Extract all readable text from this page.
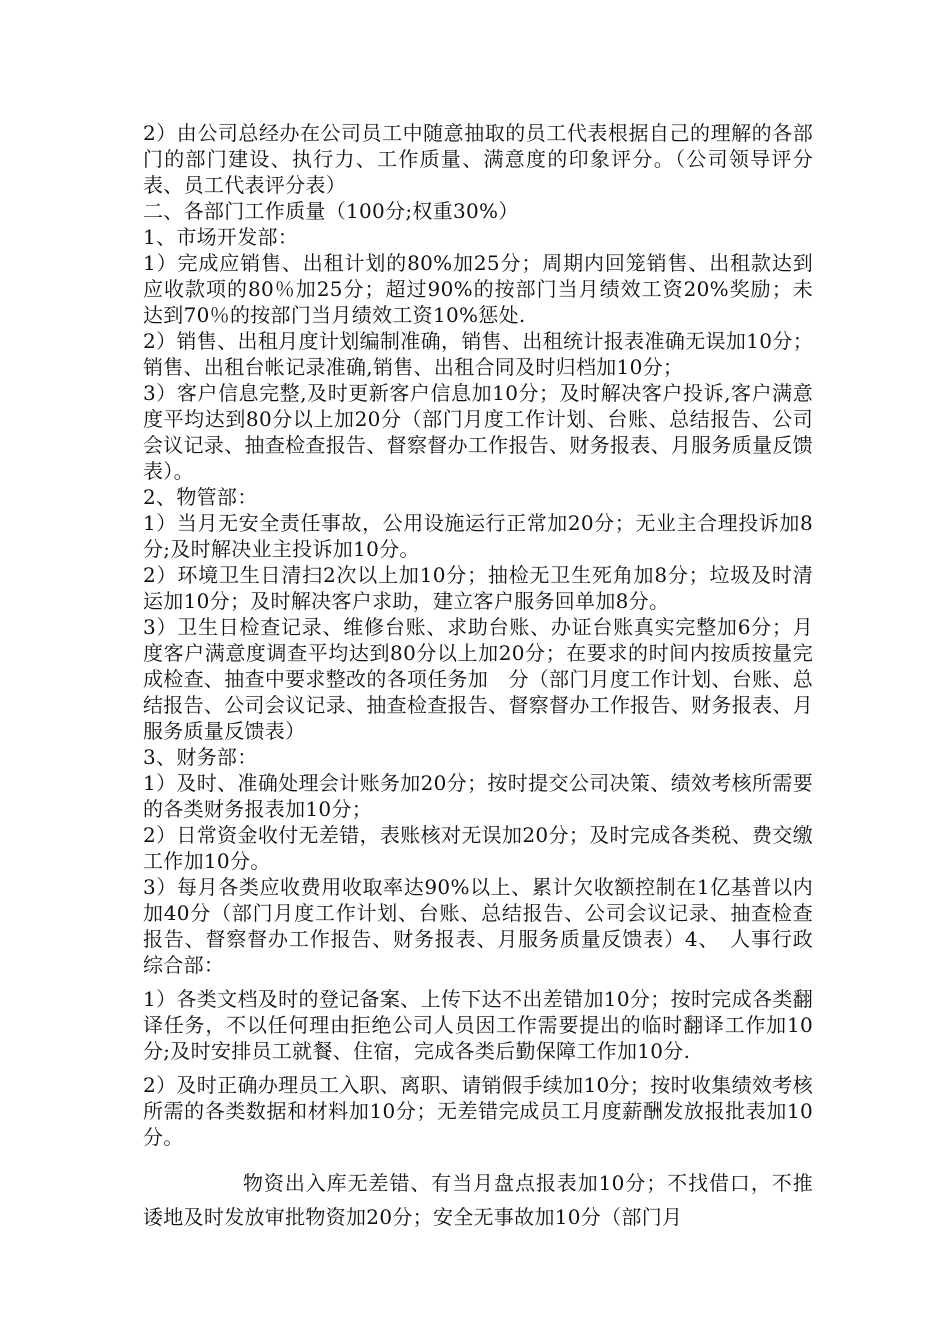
2）由公司总经办在公司员工中随意抽取的员工代表根据自己的理解的各部门的部门建设、执行力、工作质量、满意度的印象评分。（公司领导评分表、员工代表评分表）

二、各部门工作质量（100分;权重30%）

1、市场开发部：

1）完成应销售、出租计划的80%加25分；周期内回笼销售、出租款达到应收款项的80％加25分；超过90%的按部门当月绩效工资20%奖励；未达到70％的按部门当月绩效工资10%惩处.

2）销售、出租月度计划编制准确，销售、出租统计报表准确无误加10分；销售、出租台帐记录准确,销售、出租合同及时归档加10分；

3）客户信息完整,及时更新客户信息加10分；及时解决客户投诉,客户满意度平均达到80分以上加20分（部门月度工作计划、台账、总结报告、公司会议记录、抽查检查报告、督察督办工作报告、财务报表、月服务质量反馈表）。

2、物管部：

1）当月无安全责任事故，公用设施运行正常加20分；无业主合理投诉加8分;及时解决业主投诉加10分。

2）环境卫生日清扫2次以上加10分；抽检无卫生死角加8分；垃圾及时清运加10分；及时解决客户求助，建立客户服务回单加8分。

3）卫生日检查记录、维修台账、求助台账、办证台账真实完整加6分；月度客户满意度调查平均达到80分以上加20分；在要求的时间内按质按量完成检查、抽查中要求整改的各项任务加　分（部门月度工作计划、台账、总结报告、公司会议记录、抽查检查报告、督察督办工作报告、财务报表、月服务质量反馈表）

3、财务部：

1）及时、准确处理会计账务加20分；按时提交公司决策、绩效考核所需要的各类财务报表加10分；

2）日常资金收付无差错，表账核对无误加20分；及时完成各类税、费交缴工作加10分。

3）每月各类应收费用收取率达90%以上、累计欠收额控制在1亿基普以内加40分（部门月度工作计划、台账、总结报告、公司会议记录、抽查检查报告、督察督办工作报告、财务报表、月服务质量反馈表）4、　人事行政综合部：

1）各类文档及时的登记备案、上传下达不出差错加10分；按时完成各类翻译任务，不以任何理由拒绝公司人员因工作需要提出的临时翻译工作加10分;及时安排员工就餐、住宿，完成各类后勤保障工作加10分.

2）及时正确办理员工入职、离职、请销假手续加10分；按时收集绩效考核所需的各类数据和材料加10分；无差错完成员工月度薪酬发放报批表加10分。

物资出入库无差错、有当月盘点报表加10分；不找借口，不推诿地及时发放审批物资加20分；安全无事故加10分（部门月
